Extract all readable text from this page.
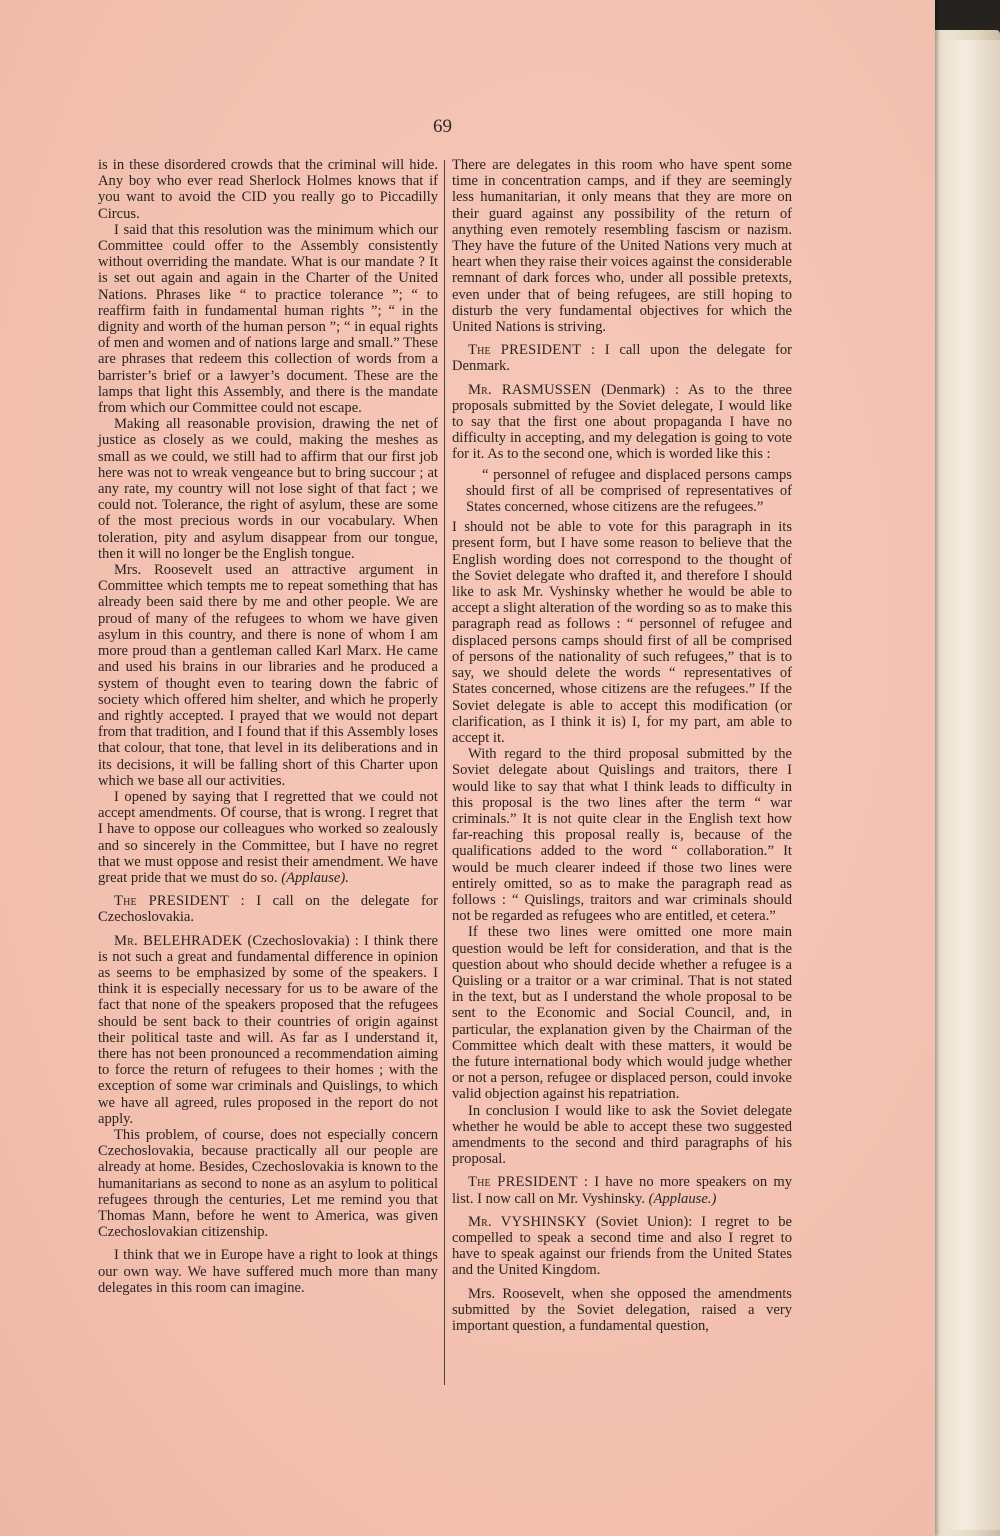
69

is in these disordered crowds that the criminal will hide. Any boy who ever read Sherlock Holmes knows that if you want to avoid the CID you really go to Piccadilly Circus.

I said that this resolution was the minimum which our Committee could offer to the Assembly consistently without overriding the mandate. What is our mandate ? It is set out again and again in the Charter of the United Nations. Phrases like “ to practice tolerance ”; “ to reaffirm faith in fundamental human rights ”; “ in the dignity and worth of the human person ”; “ in equal rights of men and women and of nations large and small.” These are phrases that redeem this collection of words from a barrister’s brief or a lawyer’s document. These are the lamps that light this Assembly, and there is the mandate from which our Committee could not escape.

Making all reasonable provision, drawing the net of justice as closely as we could, making the meshes as small as we could, we still had to affirm that our first job here was not to wreak vengeance but to bring succour ; at any rate, my country will not lose sight of that fact ; we could not. Tolerance, the right of asylum, these are some of the most precious words in our vocabulary. When toleration, pity and asylum disappear from our tongue, then it will no longer be the English tongue.

Mrs. Roosevelt used an attractive argument in Committee which tempts me to repeat something that has already been said there by me and other people. We are proud of many of the refugees to whom we have given asylum in this country, and there is none of whom I am more proud than a gentleman called Karl Marx. He came and used his brains in our libraries and he produced a system of thought even to tearing down the fabric of society which offered him shelter, and which he properly and rightly accepted. I prayed that we would not depart from that tradition, and I found that if this Assembly loses that colour, that tone, that level in its deliberations and in its decisions, it will be falling short of this Charter upon which we base all our activities.

I opened by saying that I regretted that we could not accept amendments. Of course, that is wrong. I regret that I have to oppose our colleagues who worked so zealously and so sincerely in the Committee, but I have no regret that we must oppose and resist their amendment. We have great pride that we must do so. (Applause).

The PRESIDENT : I call on the delegate for Czechoslovakia.

Mr. BELEHRADEK (Czechoslovakia) : I think there is not such a great and fundamental difference in opinion as seems to be emphasized by some of the speakers. I think it is especially necessary for us to be aware of the fact that none of the speakers proposed that the refugees should be sent back to their countries of origin against their political taste and will. As far as I understand it, there has not been pronounced a recommendation aiming to force the return of refugees to their homes ; with the exception of some war criminals and Quislings, to which we have all agreed, rules proposed in the report do not apply.

This problem, of course, does not especially concern Czechoslovakia, because practically all our people are already at home. Besides, Czechoslovakia is known to the humanitarians as second to none as an asylum to political refugees through the centuries, Let me remind you that Thomas Mann, before he went to America, was given Czechoslovakian citizenship.

I think that we in Europe have a right to look at things our own way. We have suffered much more than many delegates in this room can imagine.

There are delegates in this room who have spent some time in concentration camps, and if they are seemingly less humanitarian, it only means that they are more on their guard against any possibility of the return of anything even remotely resembling fascism or nazism. They have the future of the United Nations very much at heart when they raise their voices against the considerable remnant of dark forces who, under all possible pretexts, even under that of being refugees, are still hoping to disturb the very fundamental objectives for which the United Nations is striving.

The PRESIDENT : I call upon the delegate for Denmark.

Mr. RASMUSSEN (Denmark) : As to the three proposals submitted by the Soviet delegate, I would like to say that the first one about propaganda I have no difficulty in accepting, and my delegation is going to vote for it. As to the second one, which is worded like this :

“ personnel of refugee and displaced persons camps should first of all be comprised of representatives of States concerned, whose citizens are the refugees.”

I should not be able to vote for this paragraph in its present form, but I have some reason to believe that the English wording does not correspond to the thought of the Soviet delegate who drafted it, and therefore I should like to ask Mr. Vyshinsky whether he would be able to accept a slight alteration of the wording so as to make this paragraph read as follows : “ personnel of refugee and displaced persons camps should first of all be comprised of persons of the nationality of such refugees,” that is to say, we should delete the words “ representatives of States concerned, whose citizens are the refugees.” If the Soviet delegate is able to accept this modification (or clarification, as I think it is) I, for my part, am able to accept it.

With regard to the third proposal submitted by the Soviet delegate about Quislings and traitors, there I would like to say that what I think leads to difficulty in this proposal is the two lines after the term “ war criminals.” It is not quite clear in the English text how far-reaching this proposal really is, because of the qualifications added to the word “ collaboration.” It would be much clearer indeed if those two lines were entirely omitted, so as to make the paragraph read as follows : “ Quislings, traitors and war criminals should not be regarded as refugees who are entitled, et cetera.”

If these two lines were omitted one more main question would be left for consideration, and that is the question about who should decide whether a refugee is a Quisling or a traitor or a war criminal. That is not stated in the text, but as I understand the whole proposal to be sent to the Economic and Social Council, and, in particular, the explanation given by the Chairman of the Committee which dealt with these matters, it would be the future international body which would judge whether or not a person, refugee or displaced person, could invoke valid objection against his repatriation.

In conclusion I would like to ask the Soviet delegate whether he would be able to accept these two suggested amendments to the second and third paragraphs of his proposal.

The PRESIDENT : I have no more speakers on my list. I now call on Mr. Vyshinsky. (Applause.)

Mr. VYSHINSKY (Soviet Union): I regret to be compelled to speak a second time and also I regret to have to speak against our friends from the United States and the United Kingdom.

Mrs. Roosevelt, when she opposed the amendments submitted by the Soviet delegation, raised a very important question, a fundamental question,
